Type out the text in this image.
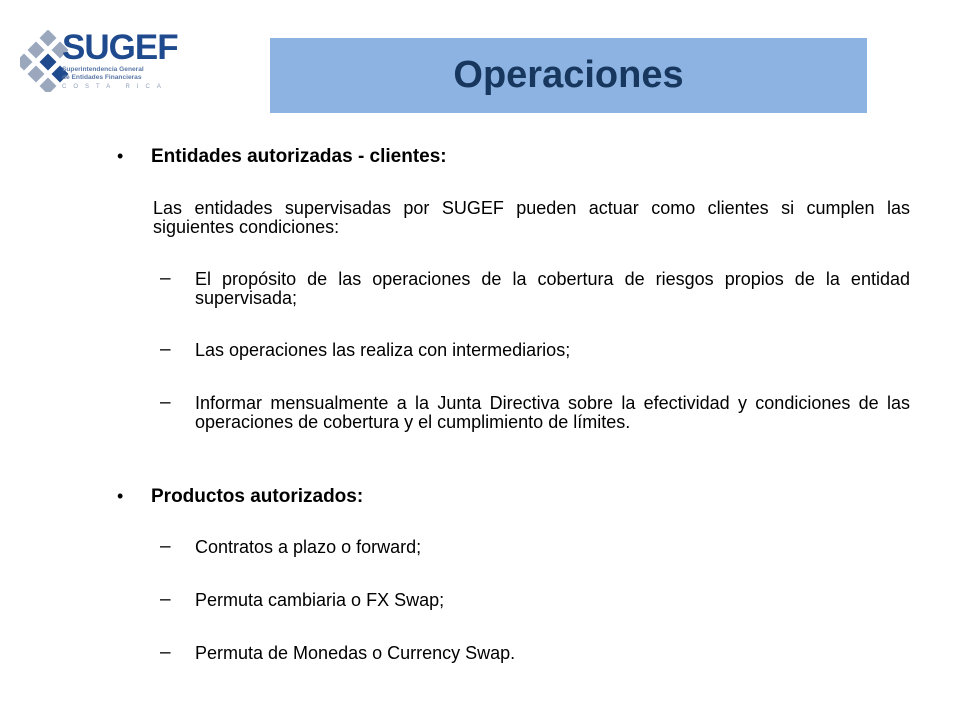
SUGEF
Superintendencia General
de Entidades Financieras
COSTA RICA	Operaciones
• Entidades autorizadas - clientes:
Las entidades supervisadas por SUGEF pueden actuar como clientes si cumplen las siguientes condiciones:
– El propósito de las operaciones de la cobertura de riesgos propios de la entidad supervisada;
– Las operaciones las realiza con intermediarios;
– Informar mensualmente a la Junta Directiva sobre la efectividad y condiciones de las operaciones de cobertura y el cumplimiento de límites.
• Productos autorizados:
– Contratos a plazo o forward;
– Permuta cambiaria o FX Swap;
– Permuta de Monedas o Currency Swap.
